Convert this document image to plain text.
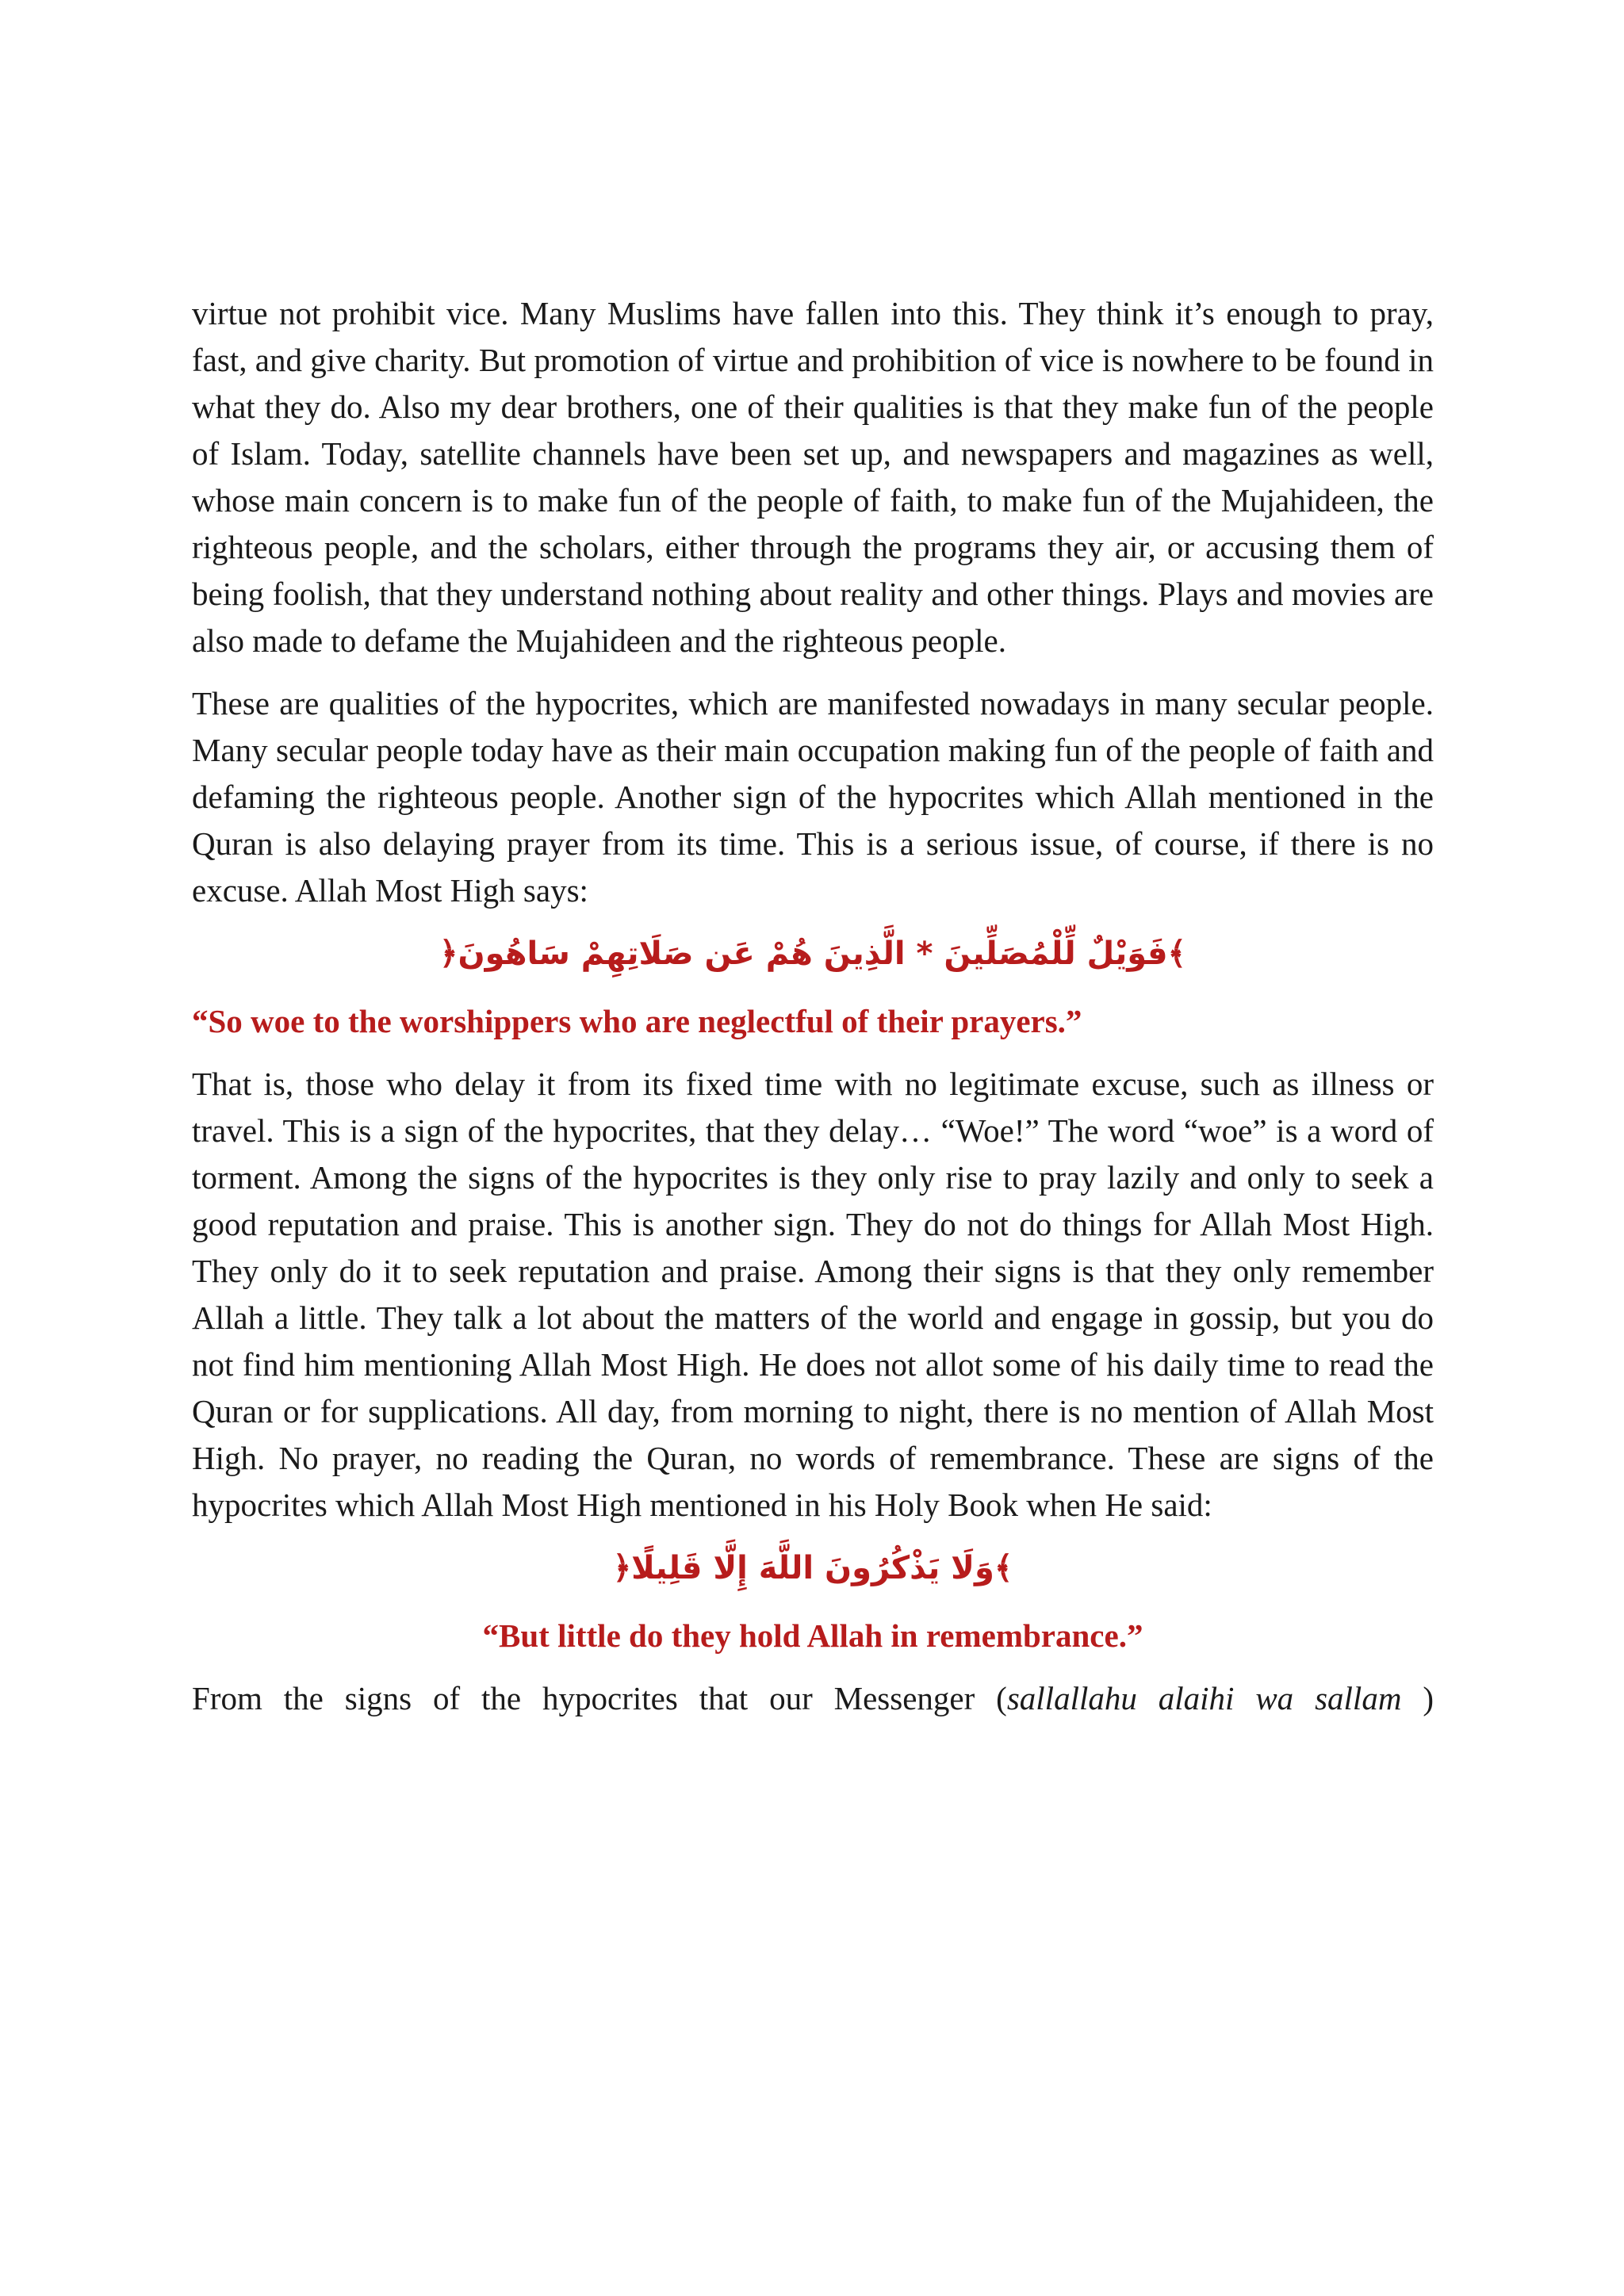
virtue not prohibit vice. Many Muslims have fallen into this. They think it’s enough to pray, fast, and give charity. But promotion of virtue and prohibition of vice is nowhere to be found in what they do. Also my dear brothers, one of their qualities is that they make fun of the people of Islam. Today, satellite channels have been set up, and newspapers and magazines as well, whose main concern is to make fun of the people of faith, to make fun of the Mujahideen, the righteous people, and the scholars, either through the programs they air, or accusing them of being foolish, that they understand nothing about reality and other things. Plays and movies are also made to defame the Mujahideen and the righteous people.

These are qualities of the hypocrites, which are manifested nowadays in many secular people. Many secular people today have as their main occupation making fun of the people of faith and defaming the righteous people. Another sign of the hypocrites which Allah mentioned in the Quran is also delaying prayer from its time. This is a serious issue, of course, if there is no excuse. Allah Most High says:

﴾فَوَيْلٌ لِّلْمُصَلِّينَ * الَّذِينَ هُمْ عَن صَلَاتِهِمْ سَاهُونَ﴿

“So woe to the worshippers who are neglectful of their prayers.”

That is, those who delay it from its fixed time with no legitimate excuse, such as illness or travel. This is a sign of the hypocrites, that they delay… “Woe!” The word “woe” is a word of torment. Among the signs of the hypocrites is they only rise to pray lazily and only to seek a good reputation and praise. This is another sign. They do not do things for Allah Most High. They only do it to seek reputation and praise. Among their signs is that they only remember Allah a little. They talk a lot about the matters of the world and engage in gossip, but you do not find him mentioning Allah Most High. He does not allot some of his daily time to read the Quran or for supplications. All day, from morning to night, there is no mention of Allah Most High. No prayer, no reading the Quran, no words of remembrance. These are signs of the hypocrites which Allah Most High mentioned in his Holy Book when He said:

﴾وَلَا يَذْكُرُونَ اللَّهَ إِلَّا قَلِيلًا﴿

“But little do they hold Allah in remembrance.”

From the signs of the hypocrites that our Messenger (sallallahu alaihi wa sallam )
